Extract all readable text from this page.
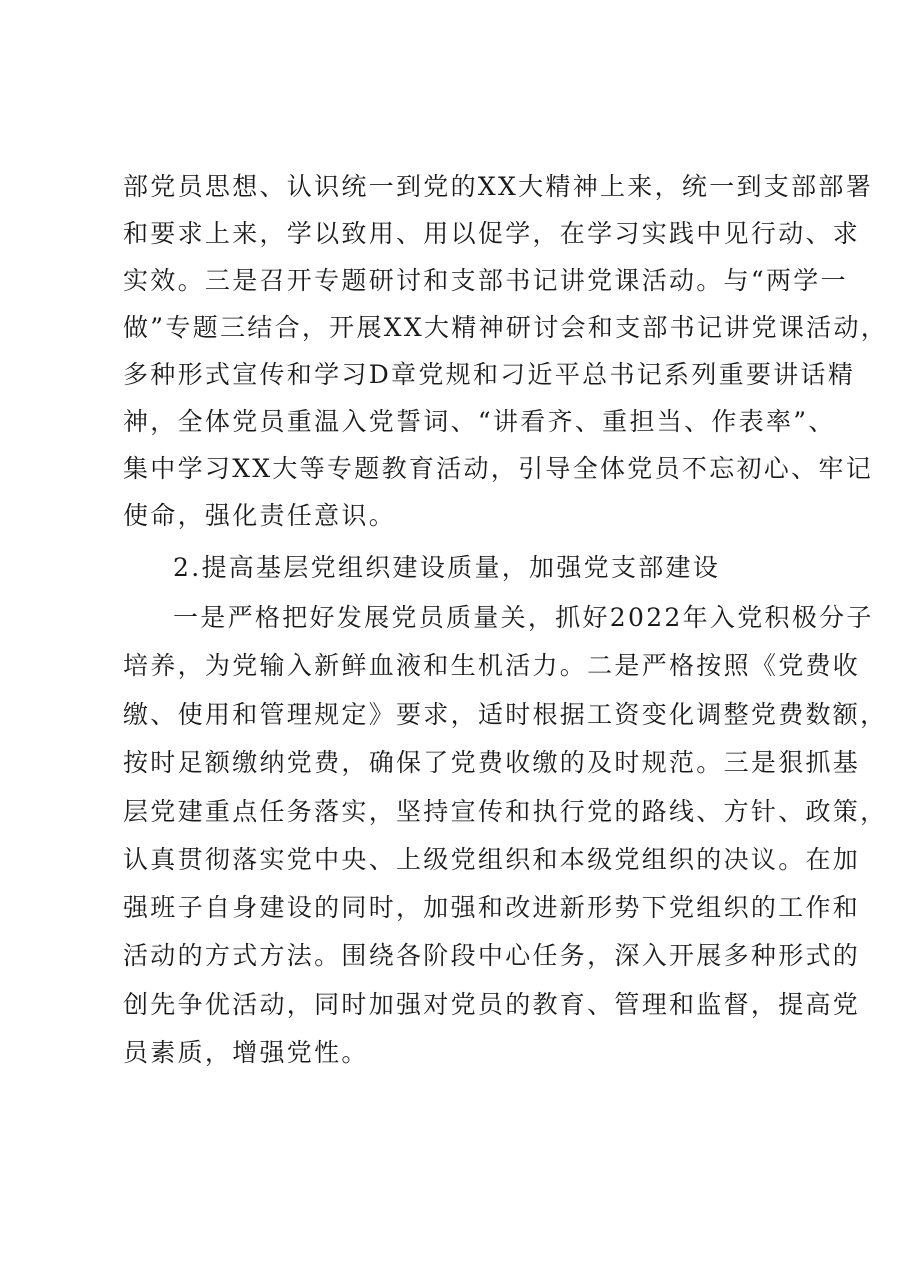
部党员思想、认识统一到党的XX大精神上来，统一到支部部署
和要求上来，学以致用、用以促学，在学习实践中见行动、求
实效。三是召开专题研讨和支部书记讲党课活动。与“两学一
做”专题三结合，开展XX大精神研讨会和支部书记讲党课活动，
多种形式宣传和学习D章党规和刁近平总书记系列重要讲话精
神，全体党员重温入党誓词、“讲看齐、重担当、作表率”、
集中学习XX大等专题教育活动，引导全体党员不忘初心、牢记
使命，强化责任意识。
2.提高基层党组织建设质量，加强党支部建设
一是严格把好发展党员质量关，抓好2022年入党积极分子
培养，为党输入新鲜血液和生机活力。二是严格按照《党费收
缴、使用和管理规定》要求，适时根据工资变化调整党费数额，
按时足额缴纳党费，确保了党费收缴的及时规范。三是狠抓基
层党建重点任务落实，坚持宣传和执行党的路线、方针、政策，
认真贯彻落实党中央、上级党组织和本级党组织的决议。在加
强班子自身建设的同时，加强和改进新形势下党组织的工作和
活动的方式方法。围绕各阶段中心任务，深入开展多种形式的
创先争优活动，同时加强对党员的教育、管理和监督，提高党
员素质，增强党性。
